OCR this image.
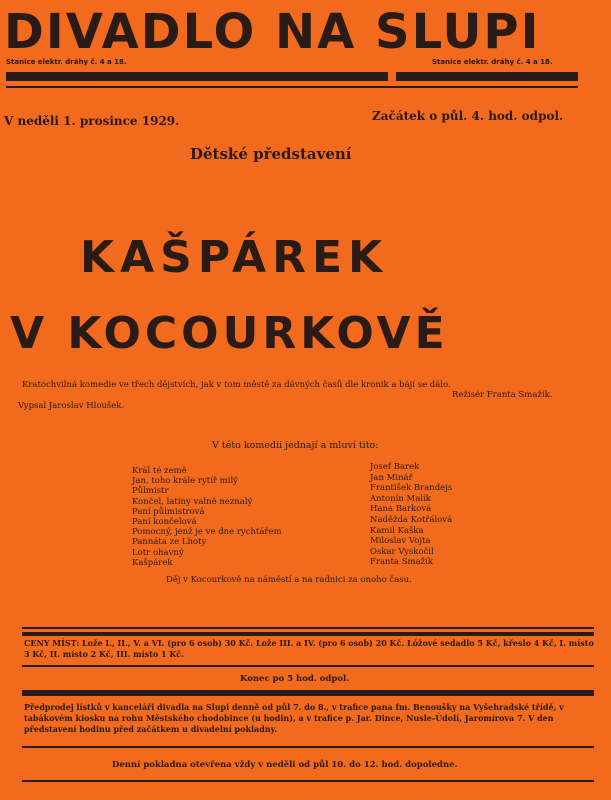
DIVADLO NA SLUPI
Stanice elektr. dráhy č. 4 a 18.	Stanice elektr. dráhy č. 4 a 18.
V neděli 1. prosince 1929.	Začátek o půl. 4. hod. odpol.
Dětské představení
KAŠPÁREK
V KOCOURKOVĚ
Kratochvilná komedie ve třech dějstvích, jak v tom městě za dávných časů dle kronik a bájí se dálo.
Vypsal Jaroslav Hloušek.
Režisér Franta Smažík.
V této komedii jednají a mluví tito:
Král té země
Jan, toho krále rytíř milý
Půlmistr
Končel, latiny valně neznalý
Paní půlmistrová
Paní končelová
Pomocný, jenž je ve dne rychtářem
Pannáta ze Lhoty
Lotr ohavný
Kašpárek
Josef Barek
Jan Minář
František Brandejs
Antonín Malík
Hana Barková
Naděžda Kotřálová
Kamil Kaška
Miloslav Vojta
Oskar Vyskočil
Franta Smažík
Děj v Kocourkově na náměstí a na radnici za onoho času.
CENY MÍST: Lože I., II., V. a VI. (pro 6 osob) 30 Kč. Lože III. a IV. (pro 6 osob) 20 Kč. Lóžové sedadlo 5 Kč, křeslo 4 Kč, I. místo 3 Kč, II. místo 2 Kč, III. místo 1 Kč.
Konec po 5 hod. odpol.
Předprodej lístků v kanceláři divadla na Slupi denně od půl 7. do 8., v trafice pana fm. Benoušky na Vyšehradské třídě, v tabákovém kiosku na rohu Městského chodobince (u hodin), a v trafice p. Jar. Dince, Nusle-Údolí, Jaromírova 7. V den představení hodinu před začátkem u divadelní pokladny.
Denní pokladna otevřena vždy v neděli od půl 10. do 12. hod. dopoledne.
